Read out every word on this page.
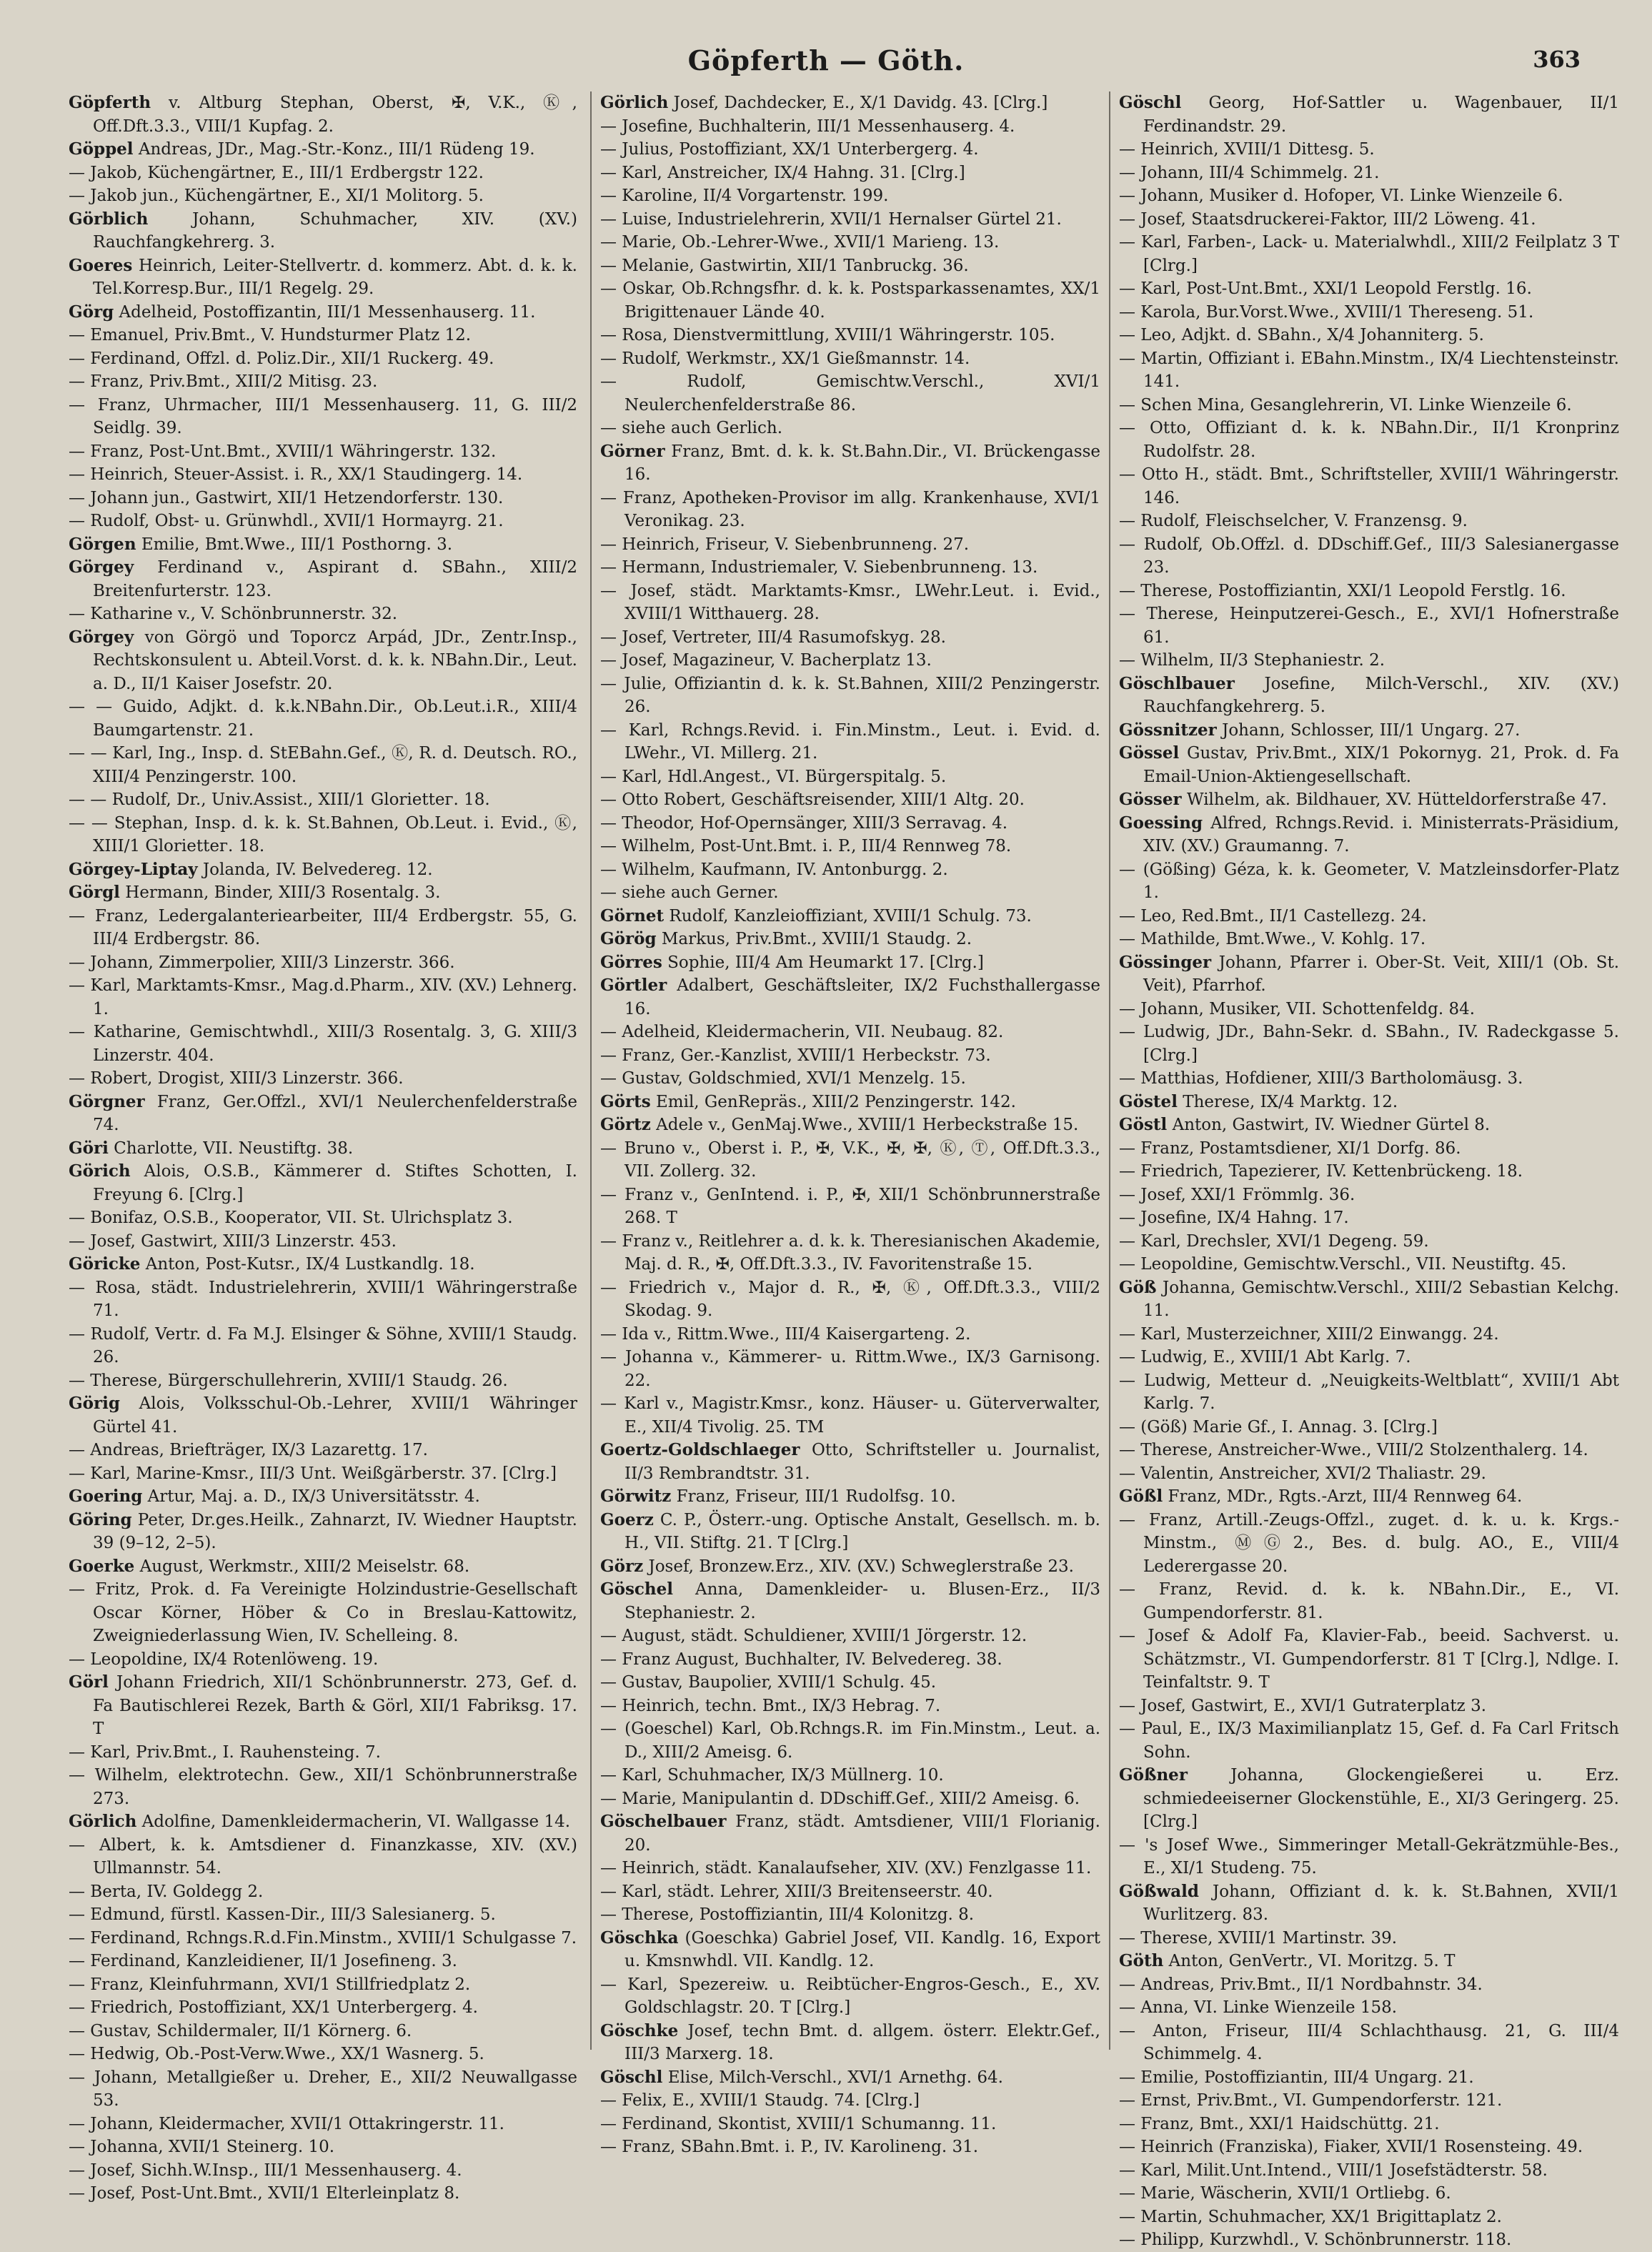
Göpferth — Göth.	363
Göpferth v. Altburg Stephan, Oberst, ✠, V.K., Ⓚ, Off.Dft.3.3., VIII/1 Kupfag. 2.
Göppel Andreas, JDr., Mag.-Str.-Konz., III/1 Rüdeng 19.
— Jakob, Küchengärtner, E., III/1 Erdbergstr 122.
— Jakob jun., Küchengärtner, E., XI/1 Molitorg. 5.
Görblich Johann, Schuhmacher, XIV. (XV.) Rauchfangkehrerg. 3.
Goeres Heinrich, Leiter-Stellvertr. d. kommerz. Abt. d. k. k. Tel.Korresp.Bur., III/1 Regelg. 29.
Görg Adelheid, Postoffizantin, III/1 Messenhauserg. 11.
— Emanuel, Priv.Bmt., V. Hundsturmer Platz 12.
— Ferdinand, Offzl. d. Poliz.Dir., XII/1 Ruckerg. 49.
— Franz, Priv.Bmt., XIII/2 Mitisg. 23.
— Franz, Uhrmacher, III/1 Messenhauserg. 11, G. III/2 Seidlg. 39.
— Franz, Post-Unt.Bmt., XVIII/1 Währingerstr. 132.
— Heinrich, Steuer-Assist. i. R., XX/1 Staudingerg. 14.
— Johann jun., Gastwirt, XII/1 Hetzendorferstr. 130.
— Rudolf, Obst- u. Grünwhdl., XVII/1 Hormayrg. 21.
Görgen Emilie, Bmt.Wwe., III/1 Posthorng. 3.
Görgey Ferdinand v., Aspirant d. SBahn., XIII/2 Breitenfurterstr. 123.
— Katharine v., V. Schönbrunnerstr. 32.
Görgey von Görgö und Toporcz Arpád, JDr., Zentr.Insp., Rechtskonsulent u. Abteil.Vorst. d. k. k. NBahn.Dir., Leut. a. D., II/1 Kaiser Josefstr. 20.
— — Guido, Adjkt. d. k.k.NBahn.Dir., Ob.Leut.i.R., XIII/4 Baumgartenstr. 21.
— — Karl, Ing., Insp. d. StEBahn.Gef., Ⓚ, R. d. Deutsch. RO., XIII/4 Penzingerstr. 100.
— — Rudolf, Dr., Univ.Assist., XIII/1 Gloriettег. 18.
— — Stephan, Insp. d. k. k. St.Bahnen, Ob.Leut. i. Evid., Ⓚ, XIII/1 Gloriettег. 18.
Görgey-Liptay Jolanda, IV. Belvedereg. 12.
Görgl Hermann, Binder, XIII/3 Rosentalg. 3.
— Franz, Ledergalanteriearbeiter, III/4 Erdbergstr. 55, G. III/4 Erdbergstr. 86.
— Johann, Zimmerpolier, XIII/3 Linzerstr. 366.
— Karl, Marktamts-Kmsr., Mag.d.Pharm., XIV. (XV.) Lehnerg. 1.
— Katharine, Gemischtwhdl., XIII/3 Rosentalg. 3, G. XIII/3 Linzerstr. 404.
— Robert, Drogist, XIII/3 Linzerstr. 366.
Görgner Franz, Ger.Offzl., XVI/1 Neulerchenfelderstraße 74.
Göri Charlotte, VII. Neustiftg. 38.
Görich Alois, O.S.B., Kämmerer d. Stiftes Schotten, I. Freyung 6. [Clrg.]
— Bonifaz, O.S.B., Kooperator, VII. St. Ulrichsplatz 3.
— Josef, Gastwirt, XIII/3 Linzerstr. 453.
Göricke Anton, Post-Kutsr., IX/4 Lustkandlg. 18.
— Rosa, städt. Industrielehrerin, XVIII/1 Währingerstraße 71.
— Rudolf, Vertr. d. Fa M.J. Elsinger & Söhne, XVIII/1 Staudg. 26.
— Therese, Bürgerschullehrerin, XVIII/1 Staudg. 26.
Görig Alois, Volksschul-Ob.-Lehrer, XVIII/1 Währinger Gürtel 41.
— Andreas, Briefträger, IX/3 Lazarettg. 17.
— Karl, Marine-Kmsr., III/3 Unt. Weißgärberstr. 37. [Clrg.]
Goering Artur, Maj. a. D., IX/3 Universitätsstr. 4.
Göring Peter, Dr.ges.Heilk., Zahnarzt, IV. Wiedner Hauptstr. 39 (9–12, 2–5).
Goerke August, Werkmstr., XIII/2 Meiselstr. 68.
— Fritz, Prok. d. Fa Vereinigte Holzindustrie-Gesellschaft Oscar Körner, Höber & Co in Breslau-Kattowitz, Zweigniederlassung Wien, IV. Schelleing. 8.
— Leopoldine, IX/4 Rotenlöweng. 19.
Görl Johann Friedrich, XII/1 Schönbrunnerstr. 273, Gef. d. Fa Bautischlerei Rezek, Barth & Görl, XII/1 Fabriksg. 17. T
— Karl, Priv.Bmt., I. Rauhensteing. 7.
— Wilhelm, elektrotechn. Gew., XII/1 Schönbrunnerstraße 273.
Görlich Adolfine, Damenkleidermacherin, VI. Wallgasse 14.
— Albert, k. k. Amtsdiener d. Finanzkasse, XIV. (XV.) Ullmannstr. 54.
— Berta, IV. Goldegg 2.
— Edmund, fürstl. Kassen-Dir., III/3 Salesianerg. 5.
— Ferdinand, Rchngs.R.d.Fin.Minstm., XVIII/1 Schulgasse 7.
— Ferdinand, Kanzleidiener, II/1 Josefineng. 3.
— Franz, Kleinfuhrmann, XVI/1 Stillfriedplatz 2.
— Friedrich, Postoffiziant, XX/1 Unterbergerg. 4.
— Gustav, Schildermaler, II/1 Körnerg. 6.
— Hedwig, Ob.-Post-Verw.Wwe., XX/1 Wasnerg. 5.
— Johann, Metallgießer u. Dreher, E., XII/2 Neuwallgasse 53.
— Johann, Kleidermacher, XVII/1 Ottakringerstr. 11.
— Johanna, XVII/1 Steinerg. 10.
— Josef, Sichh.W.Insp., III/1 Messenhauserg. 4.
— Josef, Post-Unt.Bmt., XVII/1 Elterleinplatz 8.
Görlich Josef, Dachdecker, E., X/1 Davidg. 43. [Clrg.]
— Josefine, Buchhalterin, III/1 Messenhauserg. 4.
— Julius, Postoffiziant, XX/1 Unterbergerg. 4.
— Karl, Anstreicher, IX/4 Hahng. 31. [Clrg.]
— Karoline, II/4 Vorgartenstr. 199.
— Luise, Industrielehrerin, XVII/1 Hernalser Gürtel 21.
— Marie, Ob.-Lehrer-Wwe., XVII/1 Marieng. 13.
— Melanie, Gastwirtin, XII/1 Tanbruckg. 36.
— Oskar, Ob.Rchngsfhr. d. k. k. Postsparkassenamtes, XX/1 Brigittenauer Lände 40.
— Rosa, Dienstvermittlung, XVIII/1 Währingerstr. 105.
— Rudolf, Werkmstr., XX/1 Gießmannstr. 14.
— Rudolf, Gemischtw.Verschl., XVI/1 Neulerchenfelderstraße 86.
— siehe auch Gerlich.
Görner Franz, Bmt. d. k. k. St.Bahn.Dir., VI. Brückengasse 16.
— Franz, Apotheken-Provisor im allg. Krankenhause, XVI/1 Veronikag. 23.
— Heinrich, Friseur, V. Siebenbrunneng. 27.
— Hermann, Industriemaler, V. Siebenbrunneng. 13.
— Josef, städt. Marktamts-Kmsr., LWehr.Leut. i. Evid., XVIII/1 Witthauerg. 28.
— Josef, Vertreter, III/4 Rasumofskyg. 28.
— Josef, Magazineur, V. Bacherplatz 13.
— Julie, Offiziantin d. k. k. St.Bahnen, XIII/2 Penzingerstr. 26.
— Karl, Rchngs.Revid. i. Fin.Minstm., Leut. i. Evid. d. LWehr., VI. Millerg. 21.
— Karl, Hdl.Angest., VI. Bürgerspitalg. 5.
— Otto Robert, Geschäftsreisender, XIII/1 Altg. 20.
— Theodor, Hof-Opernsänger, XIII/3 Serravag. 4.
— Wilhelm, Post-Unt.Bmt. i. P., III/4 Rennweg 78.
— Wilhelm, Kaufmann, IV. Antonburgg. 2.
— siehe auch Gerner.
Görnet Rudolf, Kanzleioffiziant, XVIII/1 Schulg. 73.
Görög Markus, Priv.Bmt., XVIII/1 Staudg. 2.
Görres Sophie, III/4 Am Heumarkt 17. [Clrg.]
Görtler Adalbert, Geschäftsleiter, IX/2 Fuchsthallergasse 16.
— Adelheid, Kleidermacherin, VII. Neubaug. 82.
— Franz, Ger.-Kanzlist, XVIII/1 Herbeckstr. 73.
— Gustav, Goldschmied, XVI/1 Menzelg. 15.
Görts Emil, GenRepräs., XIII/2 Penzingerstr. 142.
Görtz Adele v., GenMaj.Wwe., XVIII/1 Herbeckstraße 15.
— Bruno v., Oberst i. P., ✠, V.K., ✠, ✠, Ⓚ, Ⓣ, Off.Dft.3.3., VII. Zollerg. 32.
— Franz v., GenIntend. i. P., ✠, XII/1 Schönbrunnerstraße 268. T
— Franz v., Reitlehrer a. d. k. k. Theresianischen Akademie, Maj. d. R., ✠, Off.Dft.3.3., IV. Favoritenstraße 15.
— Friedrich v., Major d. R., ✠, Ⓚ, Off.Dft.3.3., VIII/2 Skodag. 9.
— Ida v., Rittm.Wwe., III/4 Kaisergarteng. 2.
— Johanna v., Kämmerer- u. Rittm.Wwe., IX/3 Garnisong. 22.
— Karl v., Magistr.Kmsr., konz. Häuser- u. Güterverwalter, E., XII/4 Tivolig. 25. TM
Goertz-Goldschlaeger Otto, Schriftsteller u. Journalist, II/3 Rembrandtstr. 31.
Görwitz Franz, Friseur, III/1 Rudolfsg. 10.
Goerz C. P., Österr.-ung. Optische Anstalt, Gesellsch. m. b. H., VII. Stiftg. 21. T [Clrg.]
Görz Josef, Bronzew.Erz., XIV. (XV.) Schweglerstraße 23.
Göschel Anna, Damenkleider- u. Blusen-Erz., II/3 Stephaniestr. 2.
— August, städt. Schuldiener, XVIII/1 Jörgerstr. 12.
— Franz August, Buchhalter, IV. Belvedereg. 38.
— Gustav, Baupolier, XVIII/1 Schulg. 45.
— Heinrich, techn. Bmt., IX/3 Hebrag. 7.
— (Goeschel) Karl, Ob.Rchngs.R. im Fin.Minstm., Leut. a. D., XIII/2 Ameisg. 6.
— Karl, Schuhmacher, IX/3 Müllnerg. 10.
— Marie, Manipulantin d. DDschiff.Gef., XIII/2 Ameisg. 6.
Göschelbauer Franz, städt. Amtsdiener, VIII/1 Florianig. 20.
— Heinrich, städt. Kanalaufseher, XIV. (XV.) Fenzlgasse 11.
— Karl, städt. Lehrer, XIII/3 Breitenseerstr. 40.
— Therese, Postoffiziantin, III/4 Kolonitzg. 8.
Göschka (Goeschka) Gabriel Josef, VII. Kandlg. 16, Export u. Kmsnwhdl. VII. Kandlg. 12.
— Karl, Spezereiw. u. Reibtücher-Engros-Gesch., E., XV. Goldschlagstr. 20. T [Clrg.]
Göschke Josef, techn Bmt. d. allgem. österr. Elektr.Gef., III/3 Marxerg. 18.
Göschl Elise, Milch-Verschl., XVI/1 Arnethg. 64.
— Felix, E., XVIII/1 Staudg. 74. [Clrg.]
— Ferdinand, Skontist, XVIII/1 Schumanng. 11.
— Franz, SBahn.Bmt. i. P., IV. Karolineng. 31.
Göschl Georg, Hof-Sattler u. Wagenbauer, II/1 Ferdinandstr. 29.
— Heinrich, XVIII/1 Dittesg. 5.
— Johann, III/4 Schimmelg. 21.
— Johann, Musiker d. Hofoper, VI. Linke Wienzeile 6.
— Josef, Staatsdruckerei-Faktor, III/2 Löweng. 41.
— Karl, Farben-, Lack- u. Materialwhdl., XIII/2 Feilplatz 3 T [Clrg.]
— Karl, Post-Unt.Bmt., XXI/1 Leopold Ferstlg. 16.
— Karola, Bur.Vorst.Wwe., XVIII/1 Thereseng. 51.
— Leo, Adjkt. d. SBahn., X/4 Johanniterg. 5.
— Martin, Offiziant i. EBahn.Minstm., IX/4 Liechtensteinstr. 141.
— Schen Mina, Gesanglehrerin, VI. Linke Wienzeile 6.
— Otto, Offiziant d. k. k. NBahn.Dir., II/1 Kronprinz Rudolfstr. 28.
— Otto H., städt. Bmt., Schriftsteller, XVIII/1 Währingerstr. 146.
— Rudolf, Fleischselcher, V. Franzensg. 9.
— Rudolf, Ob.Offzl. d. DDschiff.Gef., III/3 Salesianergasse 23.
— Therese, Postoffiziantin, XXI/1 Leopold Ferstlg. 16.
— Therese, Heinputzerei-Gesch., E., XVI/1 Hofnerstraße 61.
— Wilhelm, II/3 Stephaniestr. 2.
Göschlbauer Josefine, Milch-Verschl., XIV. (XV.) Rauchfangkehrerg. 5.
Gössnitzer Johann, Schlosser, III/1 Ungarg. 27.
Gössel Gustav, Priv.Bmt., XIX/1 Pokornyg. 21, Prok. d. Fa Email-Union-Aktiengesellschaft.
Gösser Wilhelm, ak. Bildhauer, XV. Hütteldorferstraße 47.
Goessing Alfred, Rchngs.Revid. i. Ministerrats-Präsidium, XIV. (XV.) Graumanng. 7.
— (Gößing) Géza, k. k. Geometer, V. Matzleinsdorfer-Platz 1.
— Leo, Red.Bmt., II/1 Castellezg. 24.
— Mathilde, Bmt.Wwe., V. Kohlg. 17.
Gössinger Johann, Pfarrer i. Ober-St. Veit, XIII/1 (Ob. St. Veit), Pfarrhof.
— Johann, Musiker, VII. Schottenfeldg. 84.
— Ludwig, JDr., Bahn-Sekr. d. SBahn., IV. Radeckgasse 5. [Clrg.]
— Matthias, Hofdiener, XIII/3 Bartholomäusg. 3.
Göstel Therese, IX/4 Marktg. 12.
Göstl Anton, Gastwirt, IV. Wiedner Gürtel 8.
— Franz, Postamtsdiener, XI/1 Dorfg. 86.
— Friedrich, Tapezierer, IV. Kettenbrückeng. 18.
— Josef, XXI/1 Frömmlg. 36.
— Josefine, IX/4 Hahng. 17.
— Karl, Drechsler, XVI/1 Degeng. 59.
— Leopoldine, Gemischtw.Verschl., VII. Neustiftg. 45.
Göß Johanna, Gemischtw.Verschl., XIII/2 Sebastian Kelchg. 11.
— Karl, Musterzeichner, XIII/2 Einwangg. 24.
— Ludwig, E., XVIII/1 Abt Karlg. 7.
— Ludwig, Metteur d. „Neuigkeits-Weltblatt“, XVIII/1 Abt Karlg. 7.
— (Göß) Marie Gf., I. Annag. 3. [Clrg.]
— Therese, Anstreicher-Wwe., VIII/2 Stolzenthalerg. 14.
— Valentin, Anstreicher, XVI/2 Thaliastr. 29.
Gößl Franz, MDr., Rgts.-Arzt, III/4 Rennweg 64.
— Franz, Artill.-Zeugs-Offzl., zuget. d. k. u. k. Krgs.-Minstm., ⓂⒼ2., Bes. d. bulg. AO., E., VIII/4 Lederergasse 20.
— Franz, Revid. d. k. k. NBahn.Dir., E., VI. Gumpendorferstr. 81.
— Josef & Adolf Fa, Klavier-Fab., beeid. Sachverst. u. Schätzmstr., VI. Gumpendorferstr. 81 T [Clrg.], Ndlge. I. Teinfaltstr. 9. T
— Josef, Gastwirt, E., XVI/1 Gutraterplatz 3.
— Paul, E., IX/3 Maximilianplatz 15, Gef. d. Fa Carl Fritsch Sohn.
Gößner Johanna, Glockengießerei u. Erz. schmiedeeiserner Glockenstühle, E., XI/3 Geringerg. 25. [Clrg.]
— 's Josef Wwe., Simmeringer Metall-Gekrätzmühle-Bes., E., XI/1 Studeng. 75.
Gößwald Johann, Offiziant d. k. k. St.Bahnen, XVII/1 Wurlitzerg. 83.
— Therese, XVIII/1 Martinstr. 39.
Göth Anton, GenVertr., VI. Moritzg. 5. T
— Andreas, Priv.Bmt., II/1 Nordbahnstr. 34.
— Anna, VI. Linke Wienzeile 158.
— Anton, Friseur, III/4 Schlachthausg. 21, G. III/4 Schimmelg. 4.
— Emilie, Postoffiziantin, III/4 Ungarg. 21.
— Ernst, Priv.Bmt., VI. Gumpendorferstr. 121.
— Franz, Bmt., XXI/1 Haidschüttg. 21.
— Heinrich (Franziska), Fiaker, XVII/1 Rosensteing. 49.
— Karl, Milit.Unt.Intend., VIII/1 Josefstädterstr. 58.
— Marie, Wäscherin, XVII/1 Ortliebg. 6.
— Martin, Schuhmacher, XX/1 Brigittaplatz 2.
— Philipp, Kurzwhdl., V. Schönbrunnerstr. 118.
